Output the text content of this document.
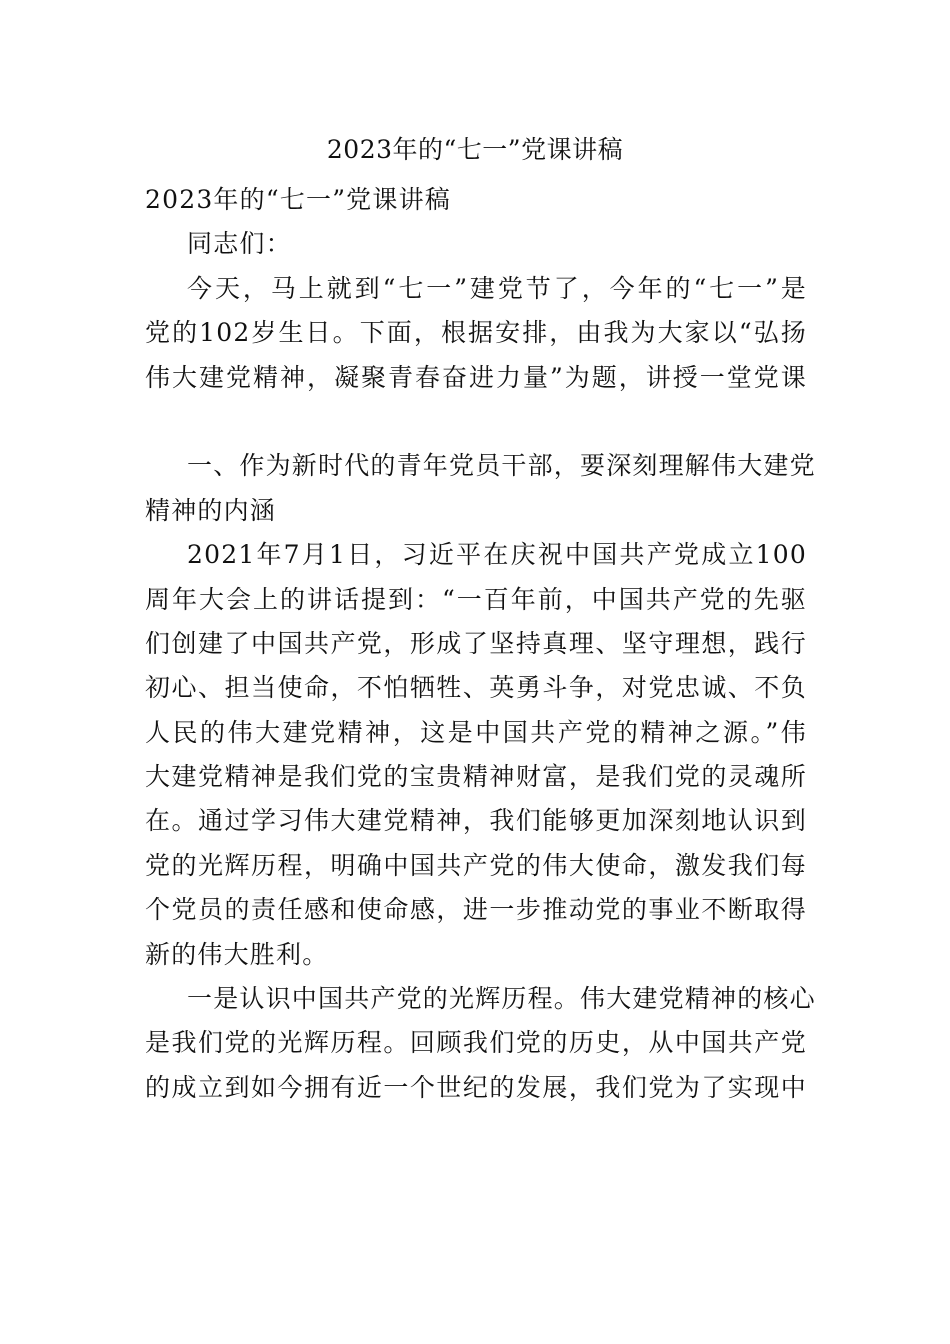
2023年的“七一”党课讲稿
2023年的“七一”党课讲稿
同志们：
今天，马上就到“七一”建党节了，今年的“七一”是
党的102岁生日。下面，根据安排，由我为大家以“弘扬
伟大建党精神，凝聚青春奋进力量”为题，讲授一堂党课
一、作为新时代的青年党员干部，要深刻理解伟大建党
精神的内涵
2021年7月1日，习近平在庆祝中国共产党成立100
周年大会上的讲话提到：“一百年前，中国共产党的先驱
们创建了中国共产党，形成了坚持真理、坚守理想，践行
初心、担当使命，不怕牺牲、英勇斗争，对党忠诚、不负
人民的伟大建党精神，这是中国共产党的精神之源。”伟
大建党精神是我们党的宝贵精神财富，是我们党的灵魂所
在。通过学习伟大建党精神，我们能够更加深刻地认识到
党的光辉历程，明确中国共产党的伟大使命，激发我们每
个党员的责任感和使命感，进一步推动党的事业不断取得
新的伟大胜利。
一是认识中国共产党的光辉历程。伟大建党精神的核心
是我们党的光辉历程。回顾我们党的历史，从中国共产党
的成立到如今拥有近一个世纪的发展，我们党为了实现中
